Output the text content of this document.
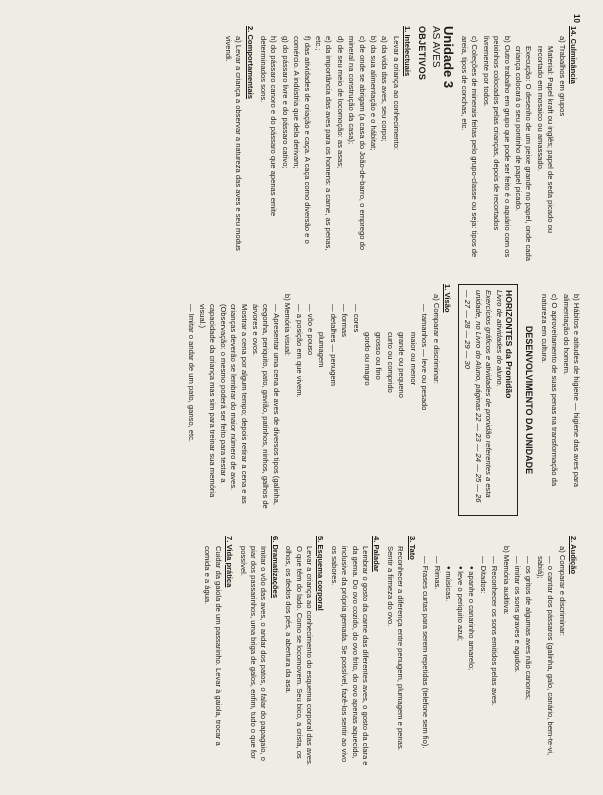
10
14. Culminância
a) Trabalhos em grupos
Material: Papel kraft ou inglês; papel de seda picado ou recortado em mosaico ou amassado.
Execução: O desenho de um peixe grande no papel, onde cada criança colocará o seu pontinho de papel picado.
b) Outro trabalho em grupo que pode ser feito é o aquário com os peixinhos colocados pelas crianças, depois de recortados livremente por todos.
c) Coleções de minerais feitas pelo grupo-classe ou seja: tipos de areia, tipos de conchas, etc.
Unidade 3
AS AVES
OBJETIVOS
1. Intelectuais
Levar a criança ao conhecimento:
a) da vida das aves, seu corpo;
b) da sua alimentação e o hábitat;
c) de onde se abrigam (a casa do João-de-barro, o emprego do mineral na construção da casa);
d) de seu meio de locomoção: as asas;
e) da importância das aves para os homens: a carne, as penas, etc.;
f) das atividades de criação e caça. A caça como diversão e o comércio. A indústria que dela derivam;
g) do pássaro livre e do pássaro cativo;
h) do pássaro canoro e do pássaro que apenas emite determinados sons.
2. Comportamentais
a) Levar a criança a observar a natureza das aves e seu modus vivendi.
b) Hábitos e atitudes de higiene — higiene das aves para alimentação do homem.
c) O aproveitamento de suas penas na transformação da natureza em cultura.
DESENVOLVIMENTO DA UNIDADE
HORIZONTES da Pronidão
Livro de atividades do aluno.
Exercícios gráficos e atividades de pronidão referentes a esta unidade, no Livro do Aluno, páginas 22 — 23 — 24 — 25 — 26 — 27 — 28 — 29 — 30
1. Visão
a) Comparar e discriminar:
— tamanhos — leve ou pesado
maior ou menor
grande ou pequeno
curto ou comprido
grosso ou fino
gordo ou magro
— cores
— formas
— detalhes — penugem
plumagem
— vôo e pouso
— a posição em que vivem.
b) Memória visual:
— Apresentar uma cena de aves de diversos tipos (galinha, cegonha, periquito, pato, gavião, patinhos, ninhos, galhos de árvores e ovos.
Mostrar a cena por algum tempo; depois retirar a cena e as crianças deverão se lembrar do maior número de aves. (Observação: o mesmo poderá ser feito para testar a capacidade da criança mas sim para treinar sua memória visual.)
— Imitar o andar de um pato, ganso, etc.
2. Audição
a) Comparar e discriminar:
— o cantar dos pássaros (galinha, galo, canário, bem-te-vi, sabiá);
— os gritos de algumas aves não canoras;
— imitar os sons graves e agudos.
b) Memória auditiva:
— Reconhecer os sons emitidos pelas aves.
— Ditados:
● apanhe o canarinho amarelo;
● leve o periquito azul;
● músicas.
— Rimas.
— Frases curtas para serem repetidas (telefone sem fio).
3. Tato
Reconhecer a diferença entre penugem, plumagem e penas. Sentir a firmeza do ovo.
4. Paladar
Lembrar o gosto da carne das diferentes aves, o gosto da clara e da gema. Do ovo cozido, do ovo frito, do ovo apenas aquecido, inclusive da própria gemada. Se possível, fazê-los sentir ao vivo os sabores.
5. Esquema corporal
Levar a criança ao conhecimento do esquema corporal das aves. O que têm do lado. Como se locomovem. Seu bico, a crista, os olhos, os dedos dos pés, a abertura da asa.
6. Dramatizações
Imitar o vôo das aves, o andar dos patos, o falar do papagaio, o piar dos passarinhos, uma briga de galos, enfim, tudo o que for possível.
7. Vida prática
Cuidar da gaiola de um passarinho. Levar à gaiola, trocar a comida e a água.
